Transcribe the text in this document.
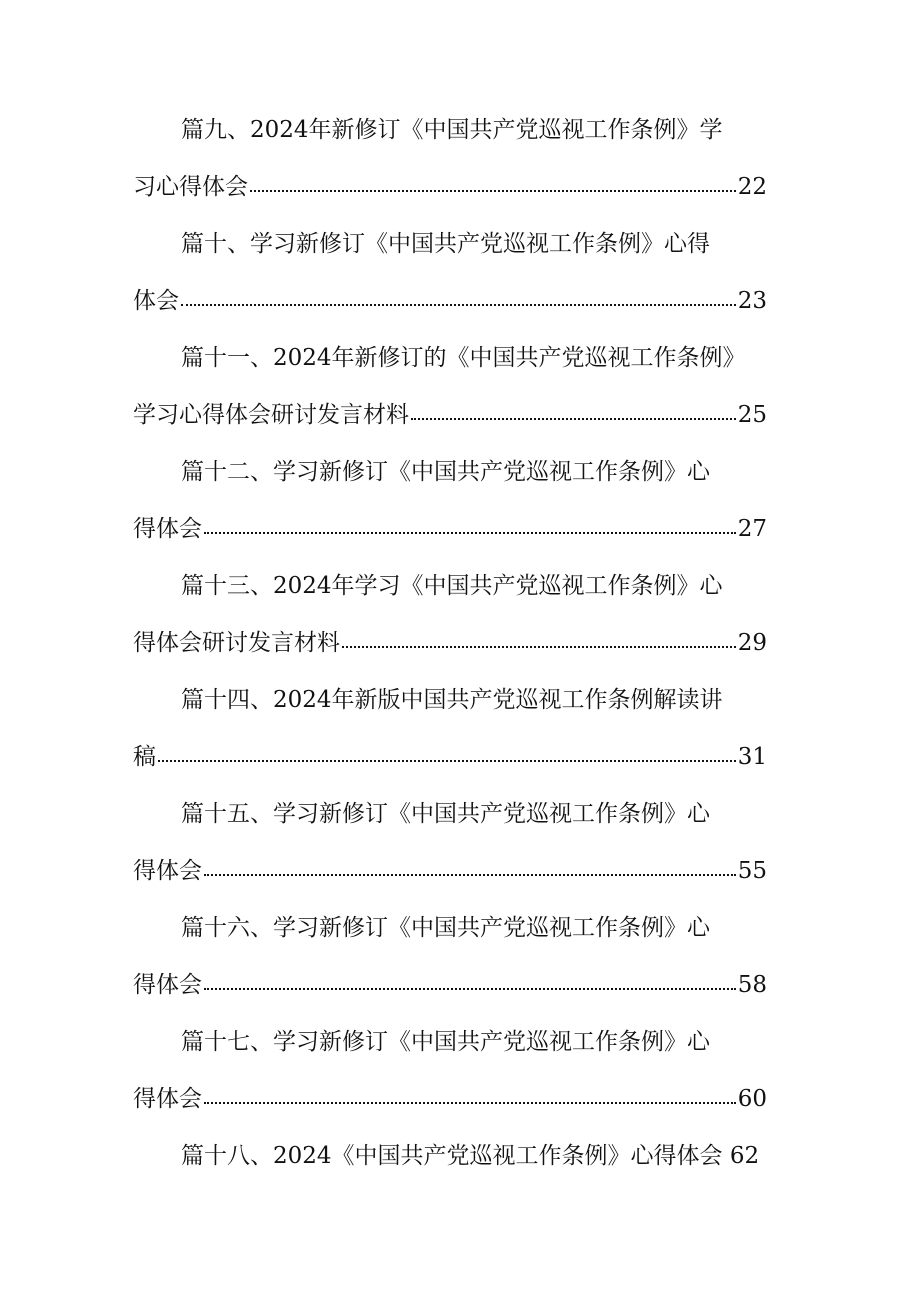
篇九、2024年新修订《中国共产党巡视工作条例》学
习心得体会	22
篇十、学习新修订《中国共产党巡视工作条例》心得
体会	23
篇十一、2024年新修订的《中国共产党巡视工作条例》
学习心得体会研讨发言材料	25
篇十二、学习新修订《中国共产党巡视工作条例》心
得体会	27
篇十三、2024年学习《中国共产党巡视工作条例》心
得体会研讨发言材料	29
篇十四、2024年新版中国共产党巡视工作条例解读讲
稿	31
篇十五、学习新修订《中国共产党巡视工作条例》心
得体会	55
篇十六、学习新修订《中国共产党巡视工作条例》心
得体会	58
篇十七、学习新修订《中国共产党巡视工作条例》心
得体会	60
篇十八、2024《中国共产党巡视工作条例》心得体会 62
